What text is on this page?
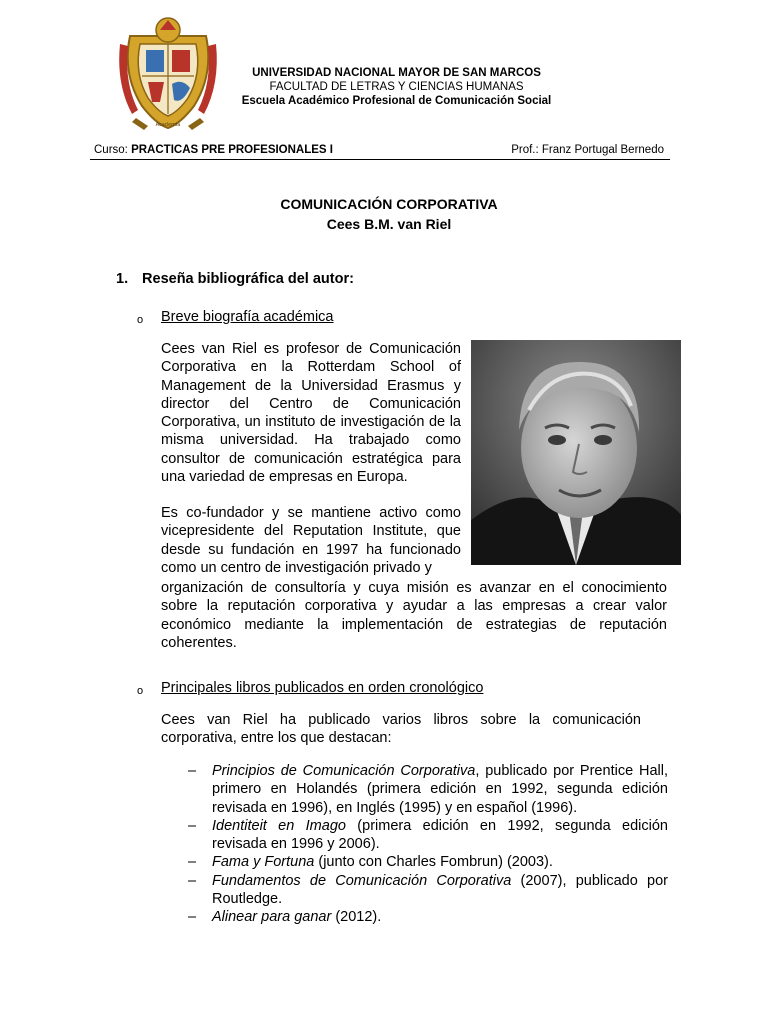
Academia
UNIVERSIDAD NACIONAL MAYOR DE SAN MARCOS
FACULTAD DE LETRAS Y CIENCIAS HUMANAS
Escuela Académico Profesional de Comunicación Social
Curso: PRACTICAS PRE PROFESIONALES I	Prof.: Franz Portugal Bernedo
COMUNICACIÓN CORPORATIVA
Cees B.M. van Riel
1. Reseña bibliográfica del autor:
o Breve biografía académica
Cees van Riel es profesor de Comunicación Corporativa en la Rotterdam School of Management de la Universidad Erasmus y director del Centro de Comunicación Corporativa, un instituto de investigación de la misma universidad. Ha trabajado como consultor de comunicación estratégica para una variedad de empresas en Europa.
Es co-fundador y se mantiene activo como vicepresidente del Reputation Institute, que desde su fundación en 1997 ha funcionado como un centro de investigación privado y
organización de consultoría y cuya misión es avanzar en el conocimiento sobre la reputación corporativa y ayudar a las empresas a crear valor económico mediante la implementación de estrategias de reputación coherentes.
o Principales libros publicados en orden cronológico
Cees van Riel ha publicado varios libros sobre la comunicación corporativa, entre los que destacan:
– Principios de Comunicación Corporativa, publicado por Prentice Hall, primero en Holandés (primera edición en 1992, segunda edición revisada en 1996), en Inglés (1995) y en español (1996).
– Identiteit en Imago (primera edición en 1992, segunda edición revisada en 1996 y 2006).
– Fama y Fortuna (junto con Charles Fombrun) (2003).
– Fundamentos de Comunicación Corporativa (2007), publicado por Routledge.
– Alinear para ganar (2012).
